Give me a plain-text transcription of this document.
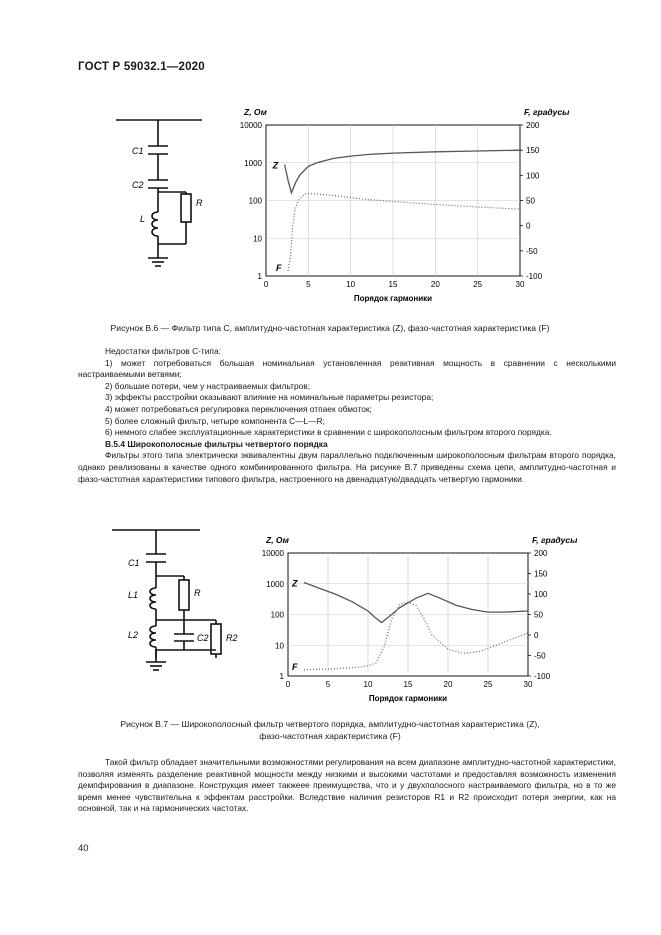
ГОСТ Р 59032.1—2020
C1
C2
L
R
0	5	10	15	20	25	30
10000
1000
100
10
1
200
150
100
50
0
-50
-100
Z, Ом	F, градусы
Порядок гармоники
Z
F
Рисунок В.6 — Фильтр типа С, амплитудно-частотная характеристика (Z), фазо-частотная характеристика (F)

Недостатки фильтров С-типа:

1) может потребоваться большая номинальная установленная реактивная мощность в сравнении с несколькими настраиваемыми ветвями;

2) большие потери, чем у настраиваемых фильтров;

3) эффекты расстройки оказывают влияние на номинальные параметры резистора;

4) может потребоваться регулировка переключения отпаек обмоток;

5) более сложный фильтр, четыре компонента С—L—R;

6) немного слабее эксплуатационные характеристики в сравнении с широкополосным фильтром второго порядка.

В.5.4 Широкополосные фильтры четвертого порядка

Фильтры этого типа электрически эквивалентны двум параллельно подключенным широкополосным фильтрам второго порядка, однако реализованы в качестве одного комбинированного фильтра. На рисунке В.7 приведены схема цепи, амплитудно-частотная и фазо-частотная характеристики типового фильтра, настроенного на двенадцатую/двадцать четвертую гармоники.

C1
L1	R
L2	C2 R2
0	5	10	15	20	25	30
10000
1000
100
10
1
200
150
100
50
0
-50
-100
Z, Ом	F, градусы
Порядок гармоники
Z
F
Рисунок В.7 — Широкополосный фильтр четвертого порядка, амплитудно-частотная характеристика (Z),
фазо-частотная характеристика (F)

Такой фильтр обладает значительными возможностями регулирования на всем диапазоне амплитудно-частотной характеристики, позволяя изменять разделение реактивной мощности между низкими и высокими частотами и предоставляя возможность изменения демпфирования в диапазоне. Конструкция имеет такжеее преимущества, что и у двухполосного настраиваемого фильтра, но в то же время менее чувствительна к эффектам расстройки. Вследствие наличия резисторов R1 и R2 происходит потеря энергии, как на основной, так и на гармонических частотах.

40
